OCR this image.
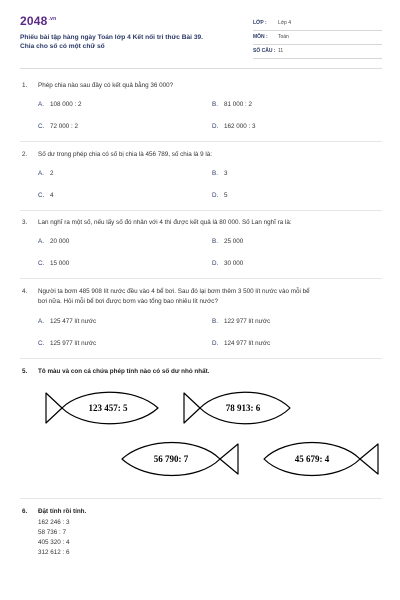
$2048^{.vn}$
Phiếu bài tập hàng ngày Toán lớp 4 Kết nối tri thức Bài 39.
Chia cho số có một chữ số
LỚP : Lớp 4
MÔN : Toán
SỐ CÂU : 11
1. Phép chia nào sau đây có kết quả bằng 36 000?
A. 108 000 : 2	B. 81 000 : 2
C. 72 000 : 2	D. 162 000 : 3
2. Số dư trong phép chia có số bị chia là 456 789, số chia là 9 là:
A. 2	B. 3
C. 4	D. 5
3. Lan nghĩ ra một số, nếu lấy số đó nhân với 4 thì được kết quả là 80 000. Số Lan nghĩ ra là:
A. 20 000	B. 25 000
C. 15 000	D. 30 000
4. Người ta bơm 485 908 lít nước đều vào 4 bể bơi. Sau đó lại bơm thêm 3 500 lít nước vào mỗi bể
bơi nữa. Hỏi mỗi bể bơi được bơm vào tổng bao nhiêu lít nước?
A. 125 477 lít nước	B. 122 977 lít nước
C. 125 977 lít nước	D. 124 977 lít nước
5. Tô màu và con cá chứa phép tính nào có số dư nhỏ nhất.
123 457: 5	78 913: 6
56 790: 7	45 679: 4
6. Đặt tính rồi tính.
162 246 : 3
58 736 : 7
405 320 : 4
312 612 : 6
